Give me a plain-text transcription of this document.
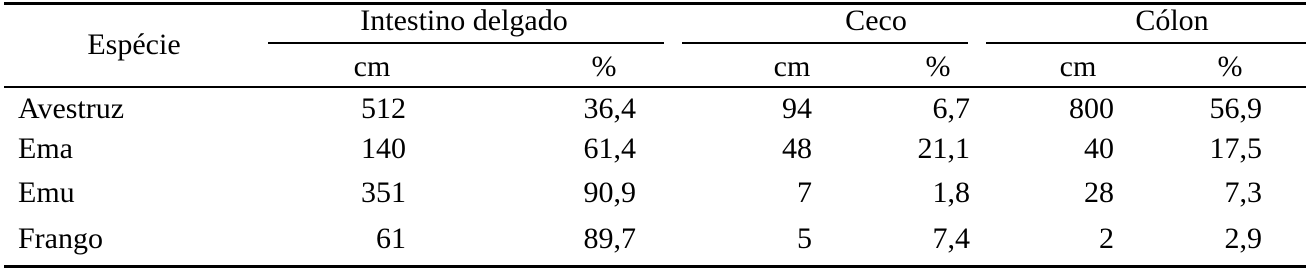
Espécie
Intestino delgado	Ceco	Cólon
cm	%	cm	%	cm	%
Avestruz	512	36,4	94	6,7	800	56,9
Ema	140	61,4	48	21,1	40	17,5
Emu	351	90,9	7	1,8	28	7,3
Frango	61	89,7	5	7,4	2	2,9
